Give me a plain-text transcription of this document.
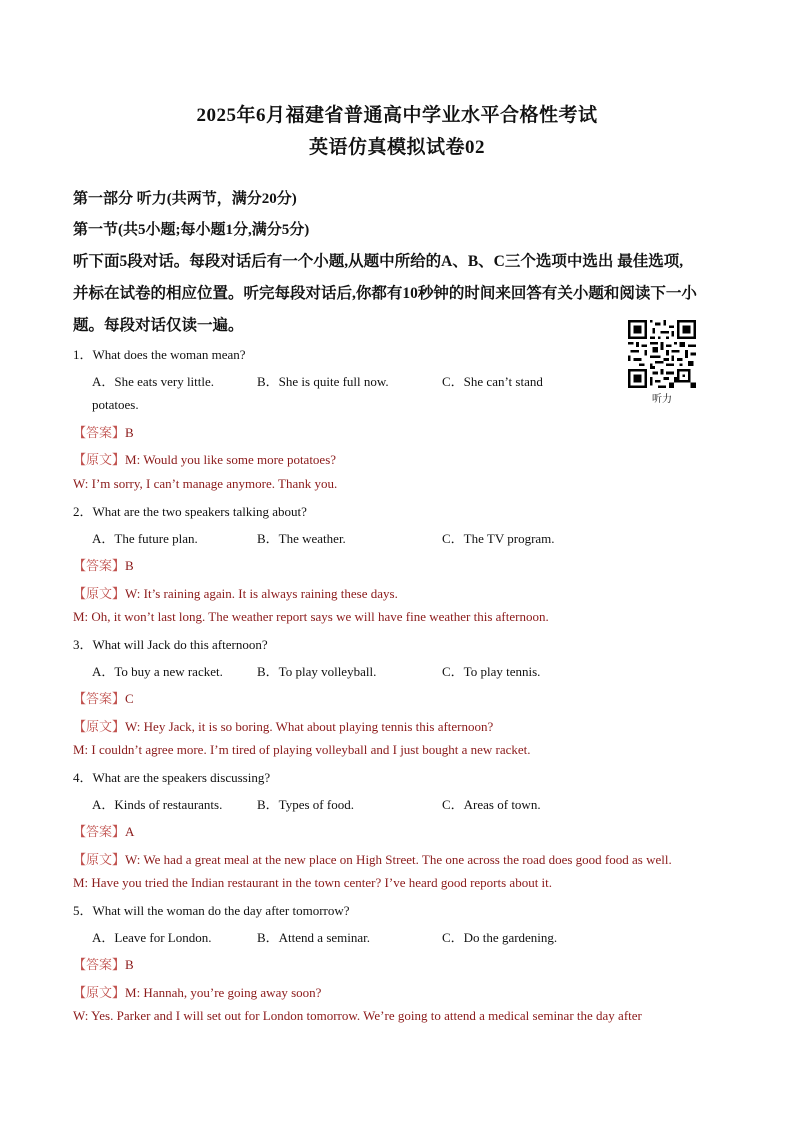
2025年6月福建省普通高中学业水平合格性考试
英语仿真模拟试卷02
第一部分 听力(共两节，满分20分)
第一节(共5小题;每小题1分,满分5分)
听下面5段对话。每段对话后有一个小题,从题中所给的A、B、C三个选项中选出 最佳选项,
并标在试卷的相应位置。听完每段对话后,你都有10秒钟的时间来回答有关小题和阅读下一小
题。每段对话仅读一遍。
听力
1．What does the woman mean?
A．She eats very little.	B．She is quite full now.	C．She can’t stand
potatoes.
【答案】B
【原文】M: Would you like some more potatoes?
W: I’m sorry, I can’t manage anymore. Thank you.
2．What are the two speakers talking about?
A．The future plan.	B．The weather.	C．The TV program.
【答案】B
【原文】W: It’s raining again. It is always raining these days.
M: Oh, it won’t last long. The weather report says we will have fine weather this afternoon.
3．What will Jack do this afternoon?
A．To buy a new racket.	B．To play volleyball.	C．To play tennis.
【答案】C
【原文】W: Hey Jack, it is so boring. What about playing tennis this afternoon?
M: I couldn’t agree more. I’m tired of playing volleyball and I just bought a new racket.
4．What are the speakers discussing?
A．Kinds of restaurants.	B．Types of food.	C．Areas of town.
【答案】A
【原文】W: We had a great meal at the new place on High Street. The one across the road does good food as well.
M: Have you tried the Indian restaurant in the town center? I’ve heard good reports about it.
5．What will the woman do the day after tomorrow?
A．Leave for London.	B．Attend a seminar.	C．Do the gardening.
【答案】B
【原文】M: Hannah, you’re going away soon?
W: Yes. Parker and I will set out for London tomorrow. We’re going to attend a medical seminar the day after
